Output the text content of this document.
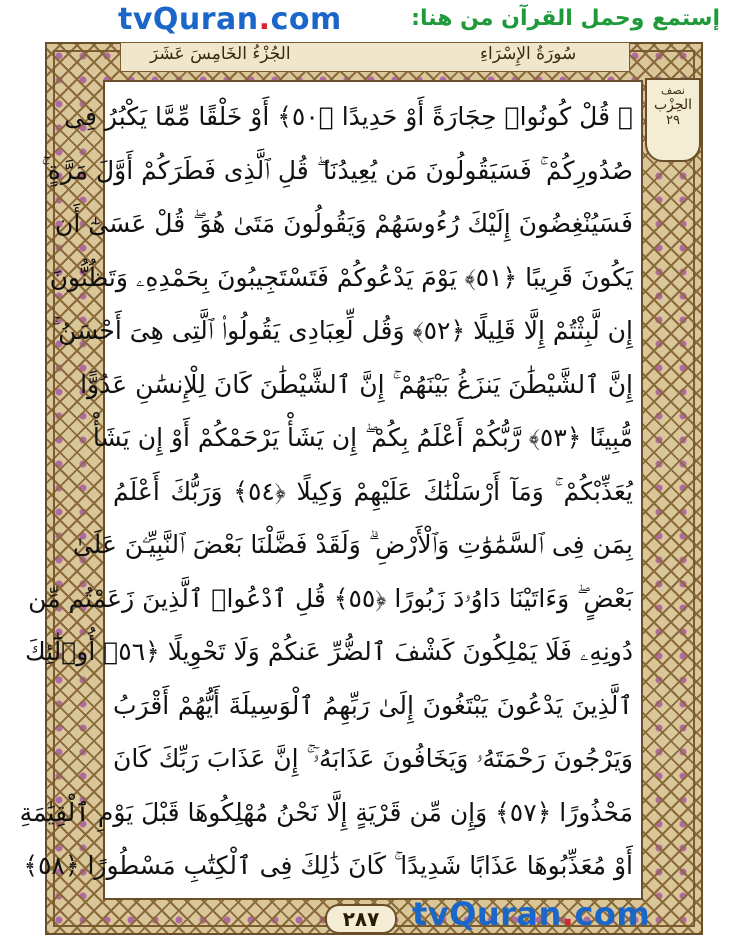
tvQuran.com	إستمع وحمل القرآن من هنا:
الجُزْءُ الخَامِسَ عَشَرَ	سُورَةُ الإِسْرَاءِ
نصف
الحِزْب
٢٩
۞ قُلْ كُونُوا۟ حِجَارَةً أَوْ حَدِيدًا ﴿٥٠﴾ أَوْ خَلْقًا مِّمَّا يَكْبُرُ فِى
صُدُورِكُمْ ۚ فَسَيَقُولُونَ مَن يُعِيدُنَا ۖ قُلِ ٱلَّذِى فَطَرَكُمْ أَوَّلَ مَرَّةٍ ۚ
فَسَيُنْغِضُونَ إِلَيْكَ رُءُوسَهُمْ وَيَقُولُونَ مَتَىٰ هُوَ ۖ قُلْ عَسَىٰٓ أَن
يَكُونَ قَرِيبًا ﴿٥١﴾ يَوْمَ يَدْعُوكُمْ فَتَسْتَجِيبُونَ بِحَمْدِهِۦ وَتَظُنُّونَ
إِن لَّبِثْتُمْ إِلَّا قَلِيلًا ﴿٥٢﴾ وَقُل لِّعِبَادِى يَقُولُوا۟ ٱلَّتِى هِىَ أَحْسَنُ ۚ
إِنَّ ٱلشَّيْطَٰنَ يَنزَغُ بَيْنَهُمْ ۚ إِنَّ ٱلشَّيْطَٰنَ كَانَ لِلْإِنسَٰنِ عَدُوًّا
مُّبِينًا ﴿٥٣﴾ رَّبُّكُمْ أَعْلَمُ بِكُمْ ۖ إِن يَشَأْ يَرْحَمْكُمْ أَوْ إِن يَشَأْ
يُعَذِّبْكُمْ ۚ وَمَآ أَرْسَلْنَٰكَ عَلَيْهِمْ وَكِيلًا ﴿٥٤﴾ وَرَبُّكَ أَعْلَمُ
بِمَن فِى ٱلسَّمَٰوَٰتِ وَٱلْأَرْضِ ۗ وَلَقَدْ فَضَّلْنَا بَعْضَ ٱلنَّبِيِّـۧنَ عَلَىٰ
بَعْضٍ ۖ وَءَاتَيْنَا دَاوُۥدَ زَبُورًا ﴿٥٥﴾ قُلِ ٱدْعُوا۟ ٱلَّذِينَ زَعَمْتُم مِّن
دُونِهِۦ فَلَا يَمْلِكُونَ كَشْفَ ٱلضُّرِّ عَنكُمْ وَلَا تَحْوِيلًا ﴿٥٦﴾ أُو۟لَٰٓئِكَ
ٱلَّذِينَ يَدْعُونَ يَبْتَغُونَ إِلَىٰ رَبِّهِمُ ٱلْوَسِيلَةَ أَيُّهُمْ أَقْرَبُ
وَيَرْجُونَ رَحْمَتَهُۥ وَيَخَافُونَ عَذَابَهُۥٓ ۚ إِنَّ عَذَابَ رَبِّكَ كَانَ
مَحْذُورًا ﴿٥٧﴾ وَإِن مِّن قَرْيَةٍ إِلَّا نَحْنُ مُهْلِكُوهَا قَبْلَ يَوْمِ ٱلْقِيَٰمَةِ
أَوْ مُعَذِّبُوهَا عَذَابًا شَدِيدًا ۚ كَانَ ذَٰلِكَ فِى ٱلْكِتَٰبِ مَسْطُورًا ﴿٥٨﴾
٢٨٧	tvQuran.com
